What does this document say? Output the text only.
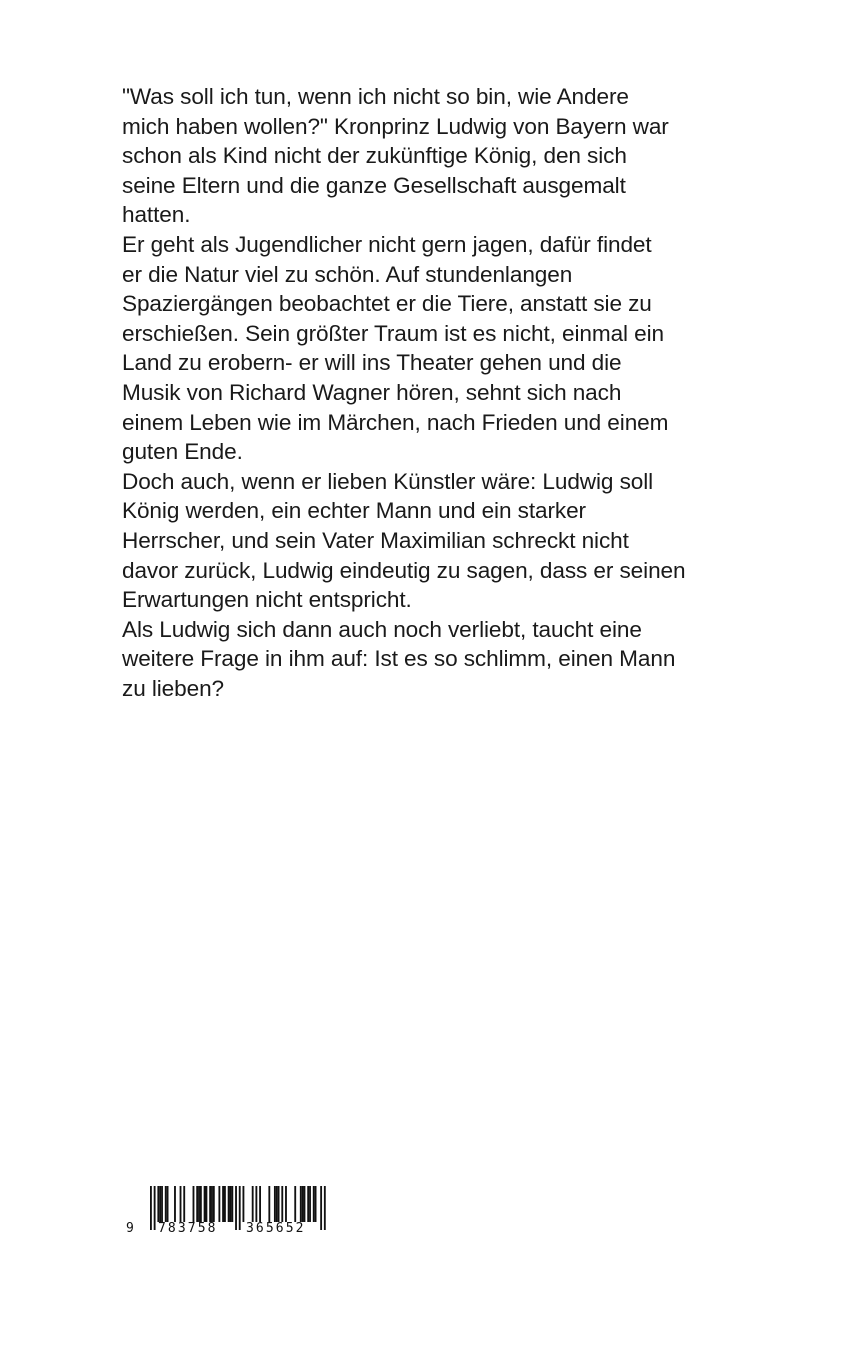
"Was soll ich tun, wenn ich nicht so bin, wie Andere
mich haben wollen?" Kronprinz Ludwig von Bayern war
schon als Kind nicht der zukünftige König, den sich
seine Eltern und die ganze Gesellschaft ausgemalt
hatten.

Er geht als Jugendlicher nicht gern jagen, dafür findet
er die Natur viel zu schön. Auf stundenlangen
Spaziergängen beobachtet er die Tiere, anstatt sie zu
erschießen. Sein größter Traum ist es nicht, einmal ein
Land zu erobern- er will ins Theater gehen und die
Musik von Richard Wagner hören, sehnt sich nach
einem Leben wie im Märchen, nach Frieden und einem
guten Ende.

Doch auch, wenn er lieben Künstler wäre: Ludwig soll
König werden, ein echter Mann und ein starker
Herrscher, und sein Vater Maximilian schreckt nicht
davor zurück, Ludwig eindeutig zu sagen, dass er seinen
Erwartungen nicht entspricht.

Als Ludwig sich dann auch noch verliebt, taucht eine
weitere Frage in ihm auf: Ist es so schlimm, einen Mann
zu lieben?

9 783758 365652
